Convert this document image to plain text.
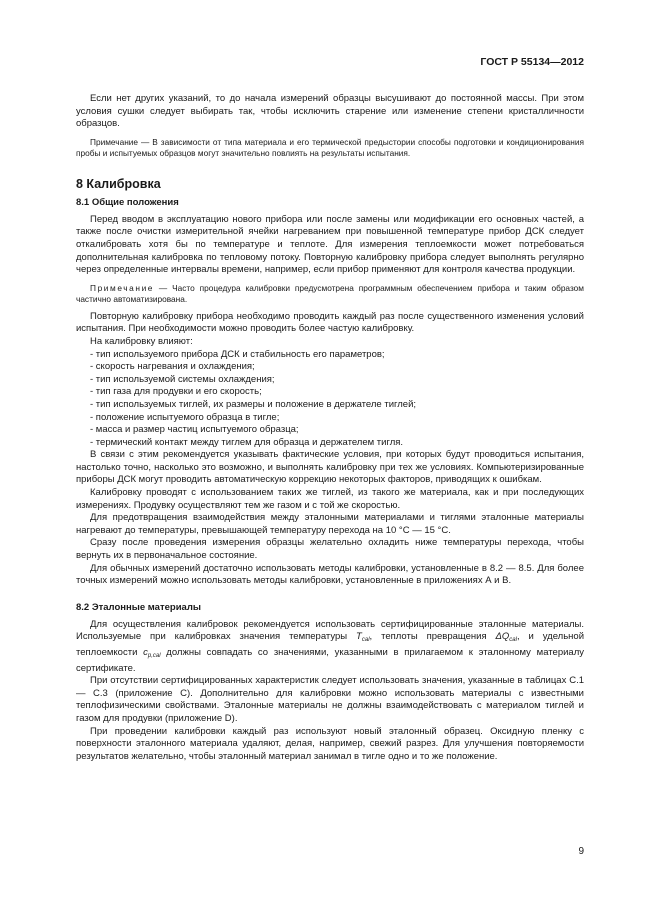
ГОСТ Р 55134—2012

Если нет других указаний, то до начала измерений образцы высушивают до постоянной массы. При этом условия сушки следует выбирать так, чтобы исключить старение или изменение степени кристалличности образцов.

Примечание — В зависимости от типа материала и его термической предыстории способы подготовки и кондиционирования пробы и испытуемых образцов могут значительно повлиять на результаты испытания.

8 Калибровка
8.1 Общие положения

Перед вводом в эксплуатацию нового прибора или после замены или модификации его основных частей, а также после очистки измерительной ячейки нагреванием при повышенной температуре прибор ДСК следует откалибровать хотя бы по температуре и теплоте. Для измерения теплоемкости может потребоваться дополнительная калибровка по тепловому потоку. Повторную калибровку прибора следует выполнять регулярно через определенные интервалы времени, например, если прибор применяют для контроля качества продукции.

Примечание — Часто процедура калибровки предусмотрена программным обеспечением прибора и таким образом частично автоматизирована.

Повторную калибровку прибора необходимо проводить каждый раз после существенного изменения условий испытания. При необходимости можно проводить более частую калибровку.

На калибровку влияют:

- тип используемого прибора ДСК и стабильность его параметров;

- скорость нагревания и охлаждения;

- тип используемой системы охлаждения;

- тип газа для продувки и его скорость;

- тип используемых тиглей, их размеры и положение в держателе тиглей;

- положение испытуемого образца в тигле;

- масса и размер частиц испытуемого образца;

- термический контакт между тиглем для образца и держателем тигля.

В связи с этим рекомендуется указывать фактические условия, при которых будут проводиться испытания, настолько точно, насколько это возможно, и выполнять калибровку при тех же условиях. Компьютеризированные приборы ДСК могут проводить автоматическую коррекцию некоторых факторов, приводящих к ошибкам.

Калибровку проводят с использованием таких же тиглей, из такого же материала, как и при последующих измерениях. Продувку осуществляют тем же газом и с той же скоростью.

Для предотвращения взаимодействия между эталонными материалами и тиглями эталонные материалы нагревают до температуры, превышающей температуру перехода на 10 °С — 15 °С.

Сразу после проведения измерения образцы желательно охладить ниже температуры перехода, чтобы вернуть их в первоначальное состояние.

Для обычных измерений достаточно использовать методы калибровки, установленные в 8.2 — 8.5. Для более точных измерений можно использовать методы калибровки, установленные в приложениях А и В.

8.2 Эталонные материалы

Для осуществления калибровок рекомендуется использовать сертифицированные эталонные материалы. Используемые при калибровках значения температуры $T_{cal}$, теплоты превращения $\Delta Q_{cal}$, и удельной теплоемкости $c_{p,cal}$ должны совпадать со значениями, указанными в прилагаемом к эталонному материалу сертификате.

При отсутствии сертифицированных характеристик следует использовать значения, указанные в таблицах С.1 — С.3 (приложение С). Дополнительно для калибровки можно использовать материалы с известными теплофизическими свойствами. Эталонные материалы не должны взаимодействовать с материалом тиглей и газом для продувки (приложение D).

При проведении калибровки каждый раз используют новый эталонный образец. Оксидную пленку с поверхности эталонного материала удаляют, делая, например, свежий разрез. Для улучшения повторяемости результатов желательно, чтобы эталонный материал занимал в тигле одно и то же положение.

9
